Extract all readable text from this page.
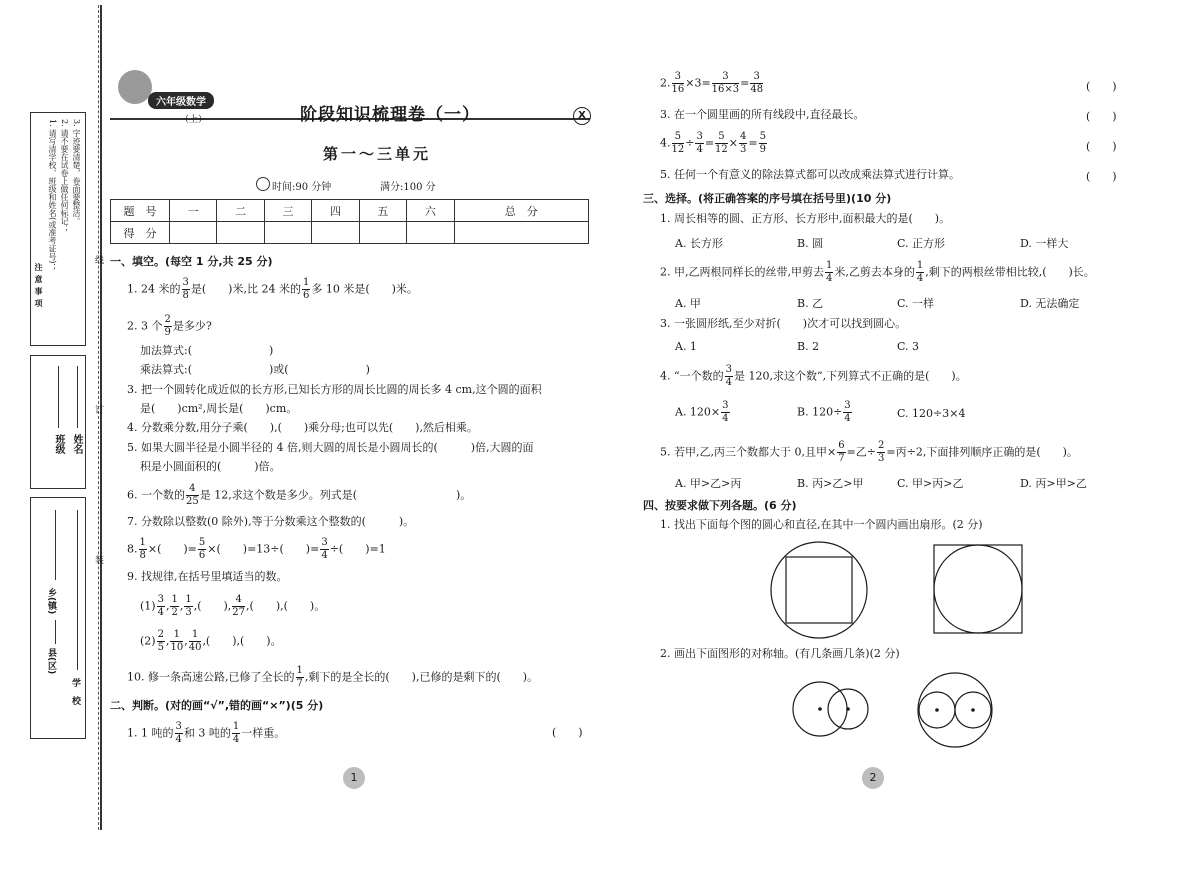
线
订
装
注意事项
1. 请写清学校、班级和姓名(或准考证号)； 2. 请不要在试卷上做任何标记； 3. 字迹要清楚，卷面要整洁。
班级 姓名
县(区)
乡(镇)
学　校
六年级数学
（上）	阶段知识梳理卷（一）	X
第一～三单元
时间:90 分钟	满分:100 分
题　号	一	二	三	四	五	六	总　分
得　分							
一、填空。(每空 1 分,共 25 分)
1. 24 米的 $\frac{3}{8}$ 是(　　)米,比 24 米的 $\frac{1}{6}$ 多 10 米是(　　)米。
2. 3 个 $\frac{2}{9}$ 是多少?
加法算式:(　　　　　　　)
乘法算式:(　　　　　　　)或(　　　　　　　)
3. 把一个圆转化成近似的长方形,已知长方形的周长比圆的周长多 4 cm,这个圆的面积
是(　　)cm²,周长是(　　)cm。
4. 分数乘分数,用分子乘(　　),(　　)乘分母;也可以先(　　),然后相乘。
5. 如果大圆半径是小圆半径的 4 倍,则大圆的周长是小圆周长的(　　　)倍,大圆的面
积是小圆面积的(　　　)倍。
6. 一个数的 $\frac{4}{25}$ 是 12,求这个数是多少。列式是(　　　　　　　　　)。
7. 分数除以整数(0 除外),等于分数乘这个整数的(　　　)。
8. $\frac{1}{8}$ ×(　　)= $\frac{5}{6}$ ×(　　)=13÷(　　)= $\frac{3}{4}$ ÷(　　)=1
9. 找规律,在括号里填适当的数。
$(1) \frac{3}{4}$ , $\frac{1}{2}$ , $\frac{1}{3}$ ,(　　), $\frac{4}{27}$ ,(　　),(　　)。
$(2) \frac{2}{5}$ , $\frac{1}{10}$ , $\frac{1}{40}$ ,(　　),(　　)。
10. 修一条高速公路,已修了全长的 $\frac{1}{7}$ ,剩下的是全长的(　　),已修的是剩下的(　　)。
二、判断。(对的画“√”,错的画“×”)(5 分)
1. 1 吨的 $\frac{3}{4}$ 和 3 吨的 $\frac{1}{4}$ 一样重。	(　　)
1
2. $\frac{3}{16} \times 3= \frac{3}{16\times 3} = \frac{3}{48}$	(　　)
3. 在一个圆里画的所有线段中,直径最长。	(　　)
4. $\frac{5}{12} \div \frac{3}{4} = \frac{5}{12} \times \frac{4}{3} = \frac{5}{9}$	(　　)
5. 任何一个有意义的除法算式都可以改成乘法算式进行计算。	(　　)
三、选择。(将正确答案的序号填在括号里)(10 分)
1. 周长相等的圆、正方形、长方形中,面积最大的是(　　)。
A. 长方形	B. 圆	C. 正方形	D. 一样大
2. 甲,乙两根同样长的丝带,甲剪去 $\frac{1}{4}$ 米,乙剪去本身的 $\frac{1}{4}$ ,剩下的两根丝带相比较,(　　)长。
A. 甲	B. 乙	C. 一样	D. 无法确定
3. 一张圆形纸,至少对折(　　)次才可以找到圆心。
A. 1	B. 2	C. 3
4. “一个数的 $\frac{3}{4}$ 是 120,求这个数”,下列算式不正确的是(　　)。
A. $120\times \frac{3}{4}$	B. $120\div \frac{3}{4}$	C. 120÷3×4
5. 若甲,乙,丙三个数都大于 0,且甲× $\frac{6}{7}$ =乙÷ $\frac{2}{3}$ =丙÷2,下面排列顺序正确的是(　　)。
A. 甲>乙>丙	B. 丙>乙>甲	C. 甲>丙>乙	D. 丙>甲>乙
四、按要求做下列各题。(6 分)
1. 找出下面每个图的圆心和直径,在其中一个圆内画出扇形。(2 分)
2. 画出下面图形的对称轴。(有几条画几条)(2 分)
2
